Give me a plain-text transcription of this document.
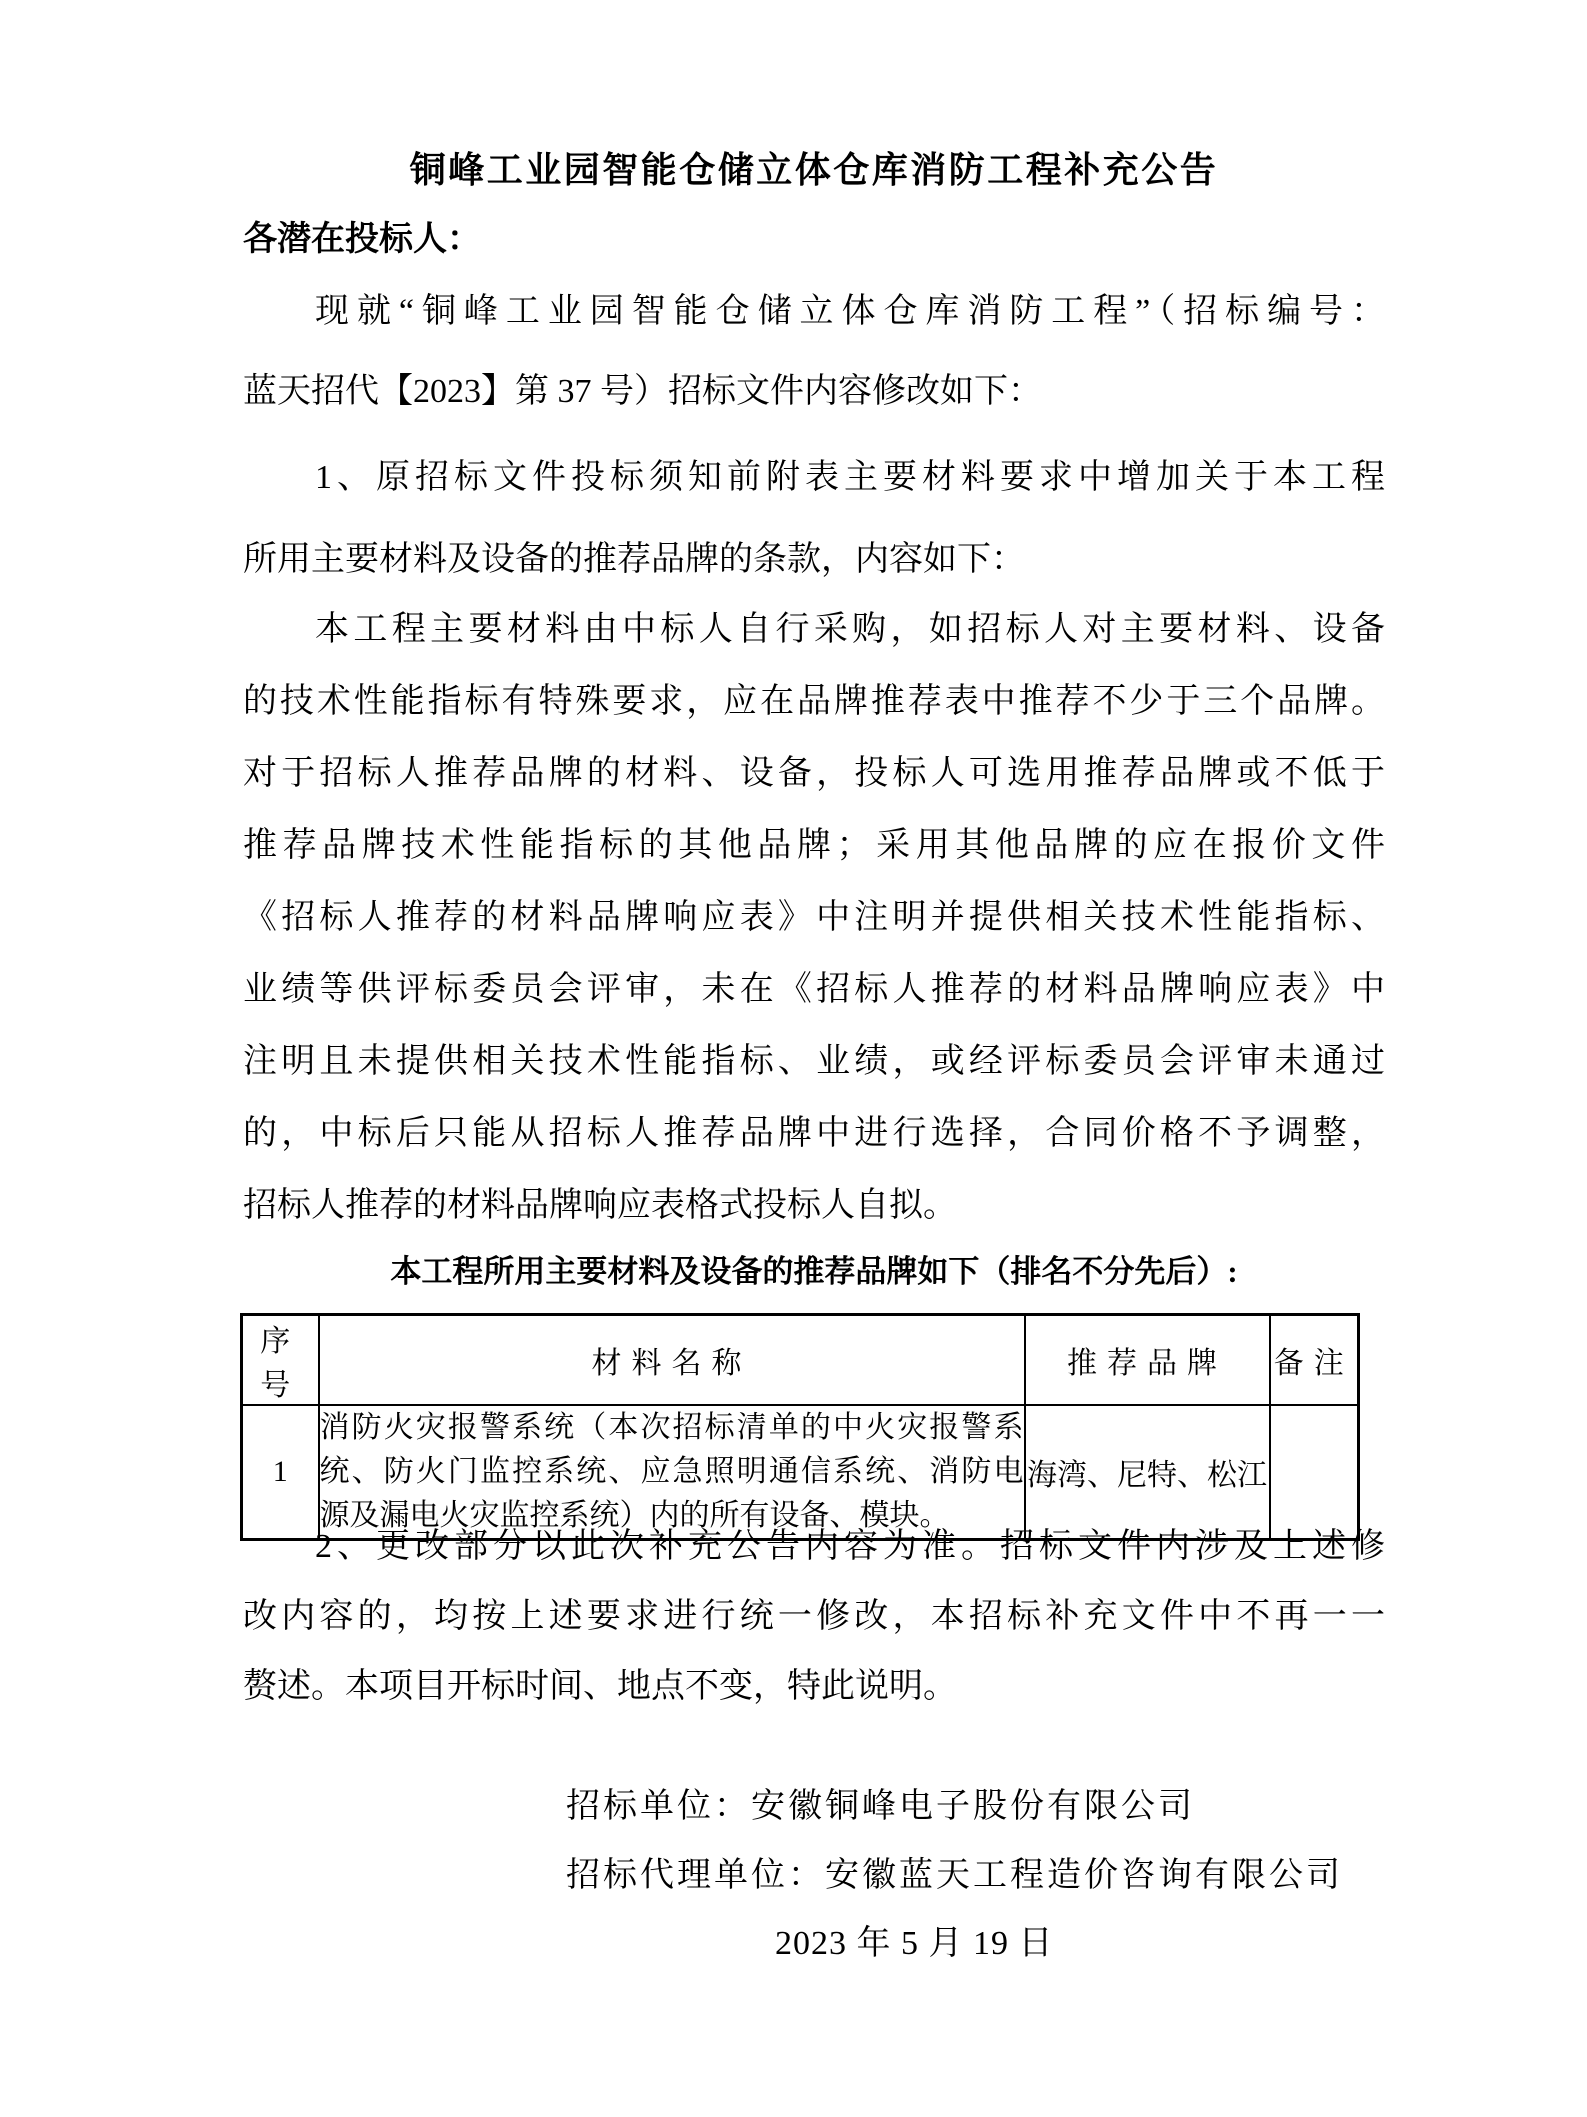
铜峰工业园智能仓储立体仓库消防工程补充公告
各潜在投标人：
现就“铜峰工业园智能仓储立体仓库消防工程”（招标编号：
蓝天招代【2023】第 37 号）招标文件内容修改如下：
1、原招标文件投标须知前附表主要材料要求中增加关于本工程
所用主要材料及设备的推荐品牌的条款，内容如下：
本工程主要材料由中标人自行采购，如招标人对主要材料、设备
的技术性能指标有特殊要求，应在品牌推荐表中推荐不少于三个品牌。
对于招标人推荐品牌的材料、设备，投标人可选用推荐品牌或不低于
推荐品牌技术性能指标的其他品牌；采用其他品牌的应在报价文件
《招标人推荐的材料品牌响应表》中注明并提供相关技术性能指标、
业绩等供评标委员会评审，未在《招标人推荐的材料品牌响应表》中
注明且未提供相关技术性能指标、业绩，或经评标委员会评审未通过
的，中标后只能从招标人推荐品牌中进行选择，合同价格不予调整，
招标人推荐的材料品牌响应表格式投标人自拟。
本工程所用主要材料及设备的推荐品牌如下（排名不分先后）:
序号	材料名称	推荐品牌	备注
1	消防火灾报警系统（本次招标清单的中火灾报警系
统、防火门监控系统、应急照明通信系统、消防电
源及漏电火灾监控系统）内的所有设备、模块。	海湾、尼特、松江	
2、更改部分以此次补充公告内容为准。招标文件内涉及上述修
改内容的，均按上述要求进行统一修改，本招标补充文件中不再一一
赘述。本项目开标时间、地点不变，特此说明。
招标单位：安徽铜峰电子股份有限公司
招标代理单位：安徽蓝天工程造价咨询有限公司
2023 年 5 月 19 日
